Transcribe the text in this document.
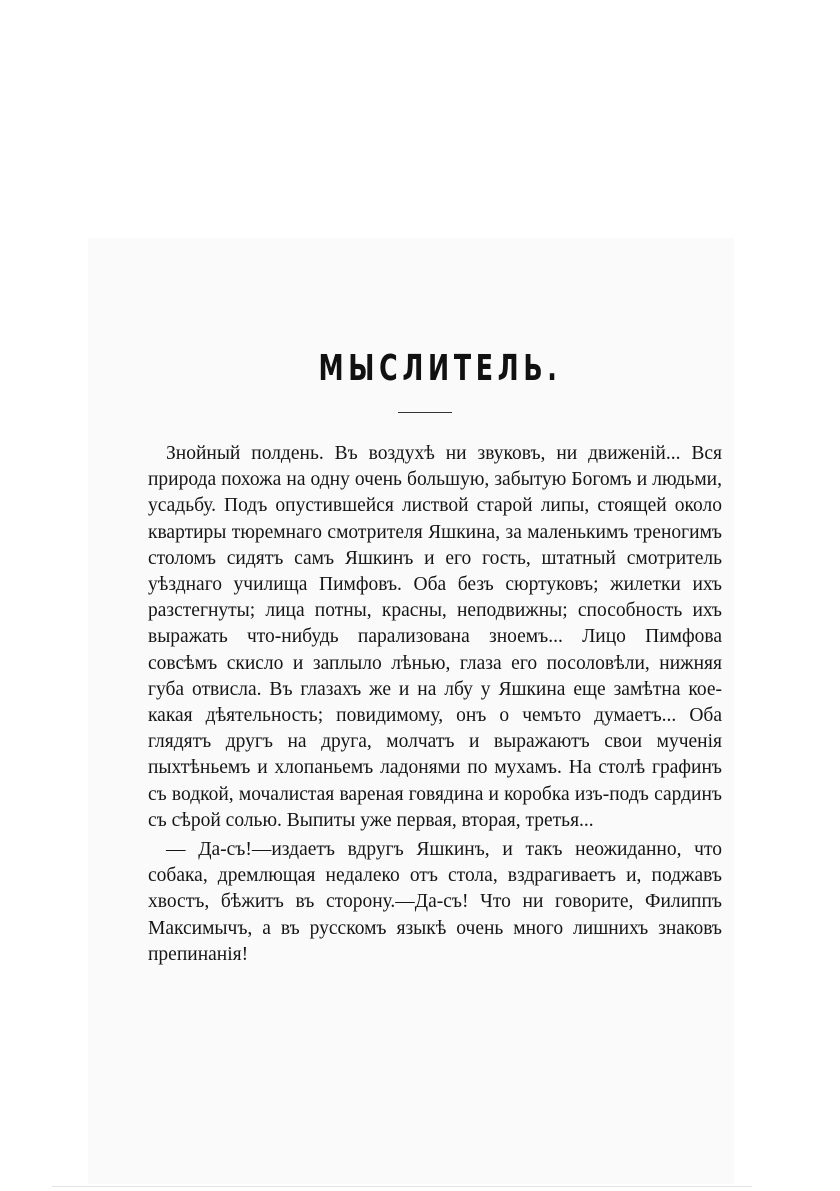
МЫСЛИТЕЛЬ.

Знойный полдень. Въ воздухѣ ни звуковъ, ни движенiй... Вся природа похожа на одну очень большую, забытую Богомъ и людьми, усадьбу. Подъ опустившейся листвой старой липы, стоящей около квартиры тюремнаго смотрителя Яшкина, за маленькимъ треногимъ столомъ сидятъ самъ Яшкинъ и его гость, штатный смотритель уѣзднаго училища Пимфовъ. Оба безъ сюртуковъ; жилетки ихъ разстегнуты; лица потны, красны, неподвижны; способность ихъ выражать что-нибудь парализована зноемъ... Лицо Пимфова совсѣмъ скисло и заплыло лѣнью, глаза его посоловѣли, нижняя губа отвисла. Въ глазахъ же и на лбу у Яшкина еще замѣтна кое-какая дѣятельность; повидимому, онъ о чемъто думаетъ... Оба глядятъ другъ на друга, молчатъ и выражаютъ свои мученiя пыхтѣньемъ и хлопаньемъ ладонями по мухамъ. На столѣ графинъ съ водкой, мочалистая вареная говядина и коробка изъ-подъ сардинъ съ сѣрой солью. Выпиты уже первая, вторая, третья...

— Да-съ!—издаетъ вдругъ Яшкинъ, и такъ неожиданно, что собака, дремлющая недалеко отъ стола, вздрагиваетъ и, поджавъ хвостъ, бѣжитъ въ сторону.—Да-съ! Что ни говорите, Филиппъ Максимычъ, а въ русскомъ языкѣ очень много лишнихъ знаковъ препинанiя!
